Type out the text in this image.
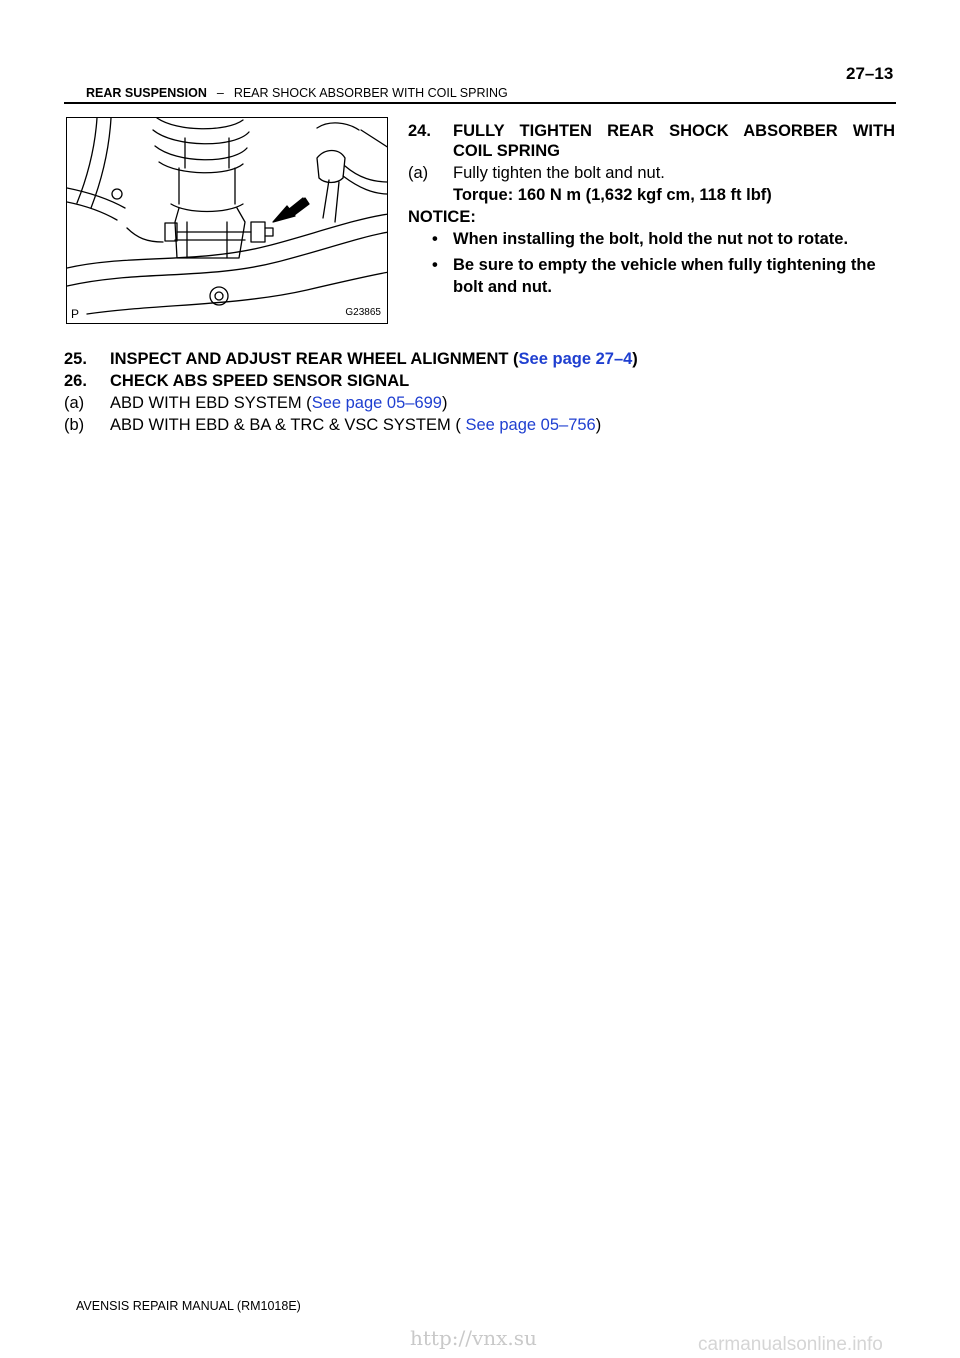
27–13
REAR SUSPENSION – REAR SHOCK ABSORBER WITH COIL SPRING
P	G23865
24. FULLY TIGHTEN REAR SHOCK ABSORBER WITH
COIL SPRING
(a) Fully tighten the bolt and nut.
Torque: 160 N m (1,632 kgf cm, 118 ft lbf)
NOTICE:
• When installing the bolt, hold the nut not to rotate.
• Be sure to empty the vehicle when fully tightening the
bolt and nut.
25. INSPECT AND ADJUST REAR WHEEL ALIGNMENT (See page 27–4)
26. CHECK ABS SPEED SENSOR SIGNAL
(a) ABD WITH EBD SYSTEM (See page 05–699)
(b) ABD WITH EBD & BA & TRC & VSC SYSTEM ( See page 05–756)
AVENSIS REPAIR MANUAL (RM1018E)
http://vnx.su	carmanualsonline.info
